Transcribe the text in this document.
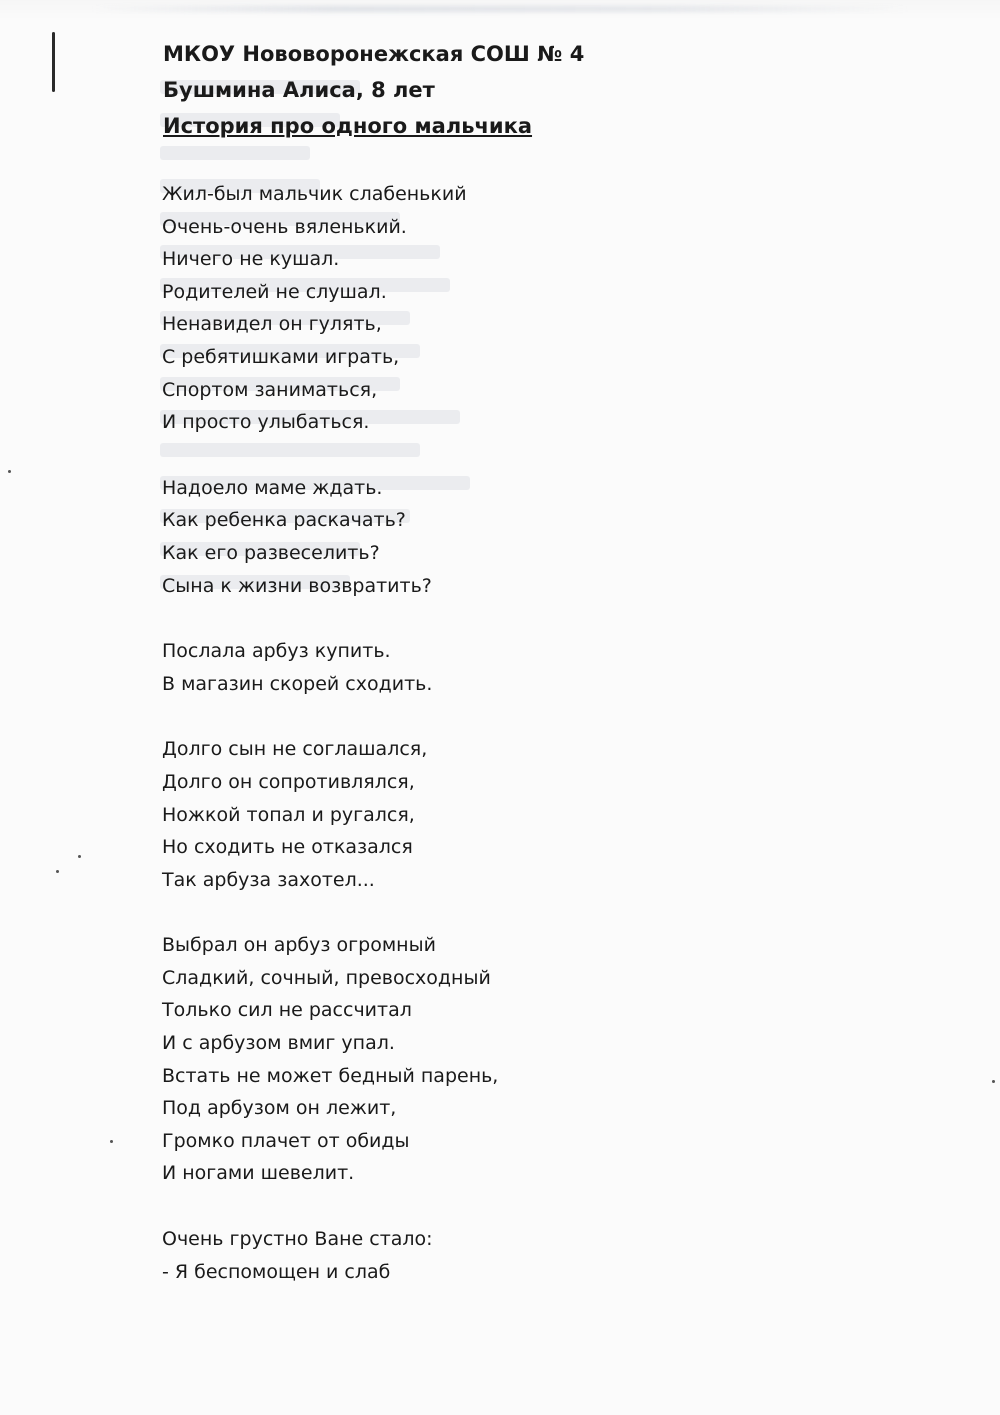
МКОУ Нововоронежская СОШ № 4
Бушмина Алиса, 8 лет
История про одного мальчика
Жил-был мальчик слабенький
Очень-очень вяленький.
Ничего не кушал.
Родителей не слушал.
Ненавидел он гулять,
С ребятишками играть,
Спортом заниматься,
И просто улыбаться.
Надоело маме ждать.
Как ребенка раскачать?
Как его развеселить?
Сына к жизни возвратить?
Послала арбуз купить.
В магазин скорей сходить.
Долго сын не соглашался,
Долго он сопротивлялся,
Ножкой топал и ругался,
Но сходить не отказался
Так арбуза захотел...
Выбрал он арбуз огромный
Сладкий, сочный, превосходный
Только сил не рассчитал
И с арбузом вмиг упал.
Встать не может бедный парень,
Под арбузом он лежит,
Громко плачет от обиды
И ногами шевелит.
Очень грустно Ване стало:
- Я беспомощен и слаб
